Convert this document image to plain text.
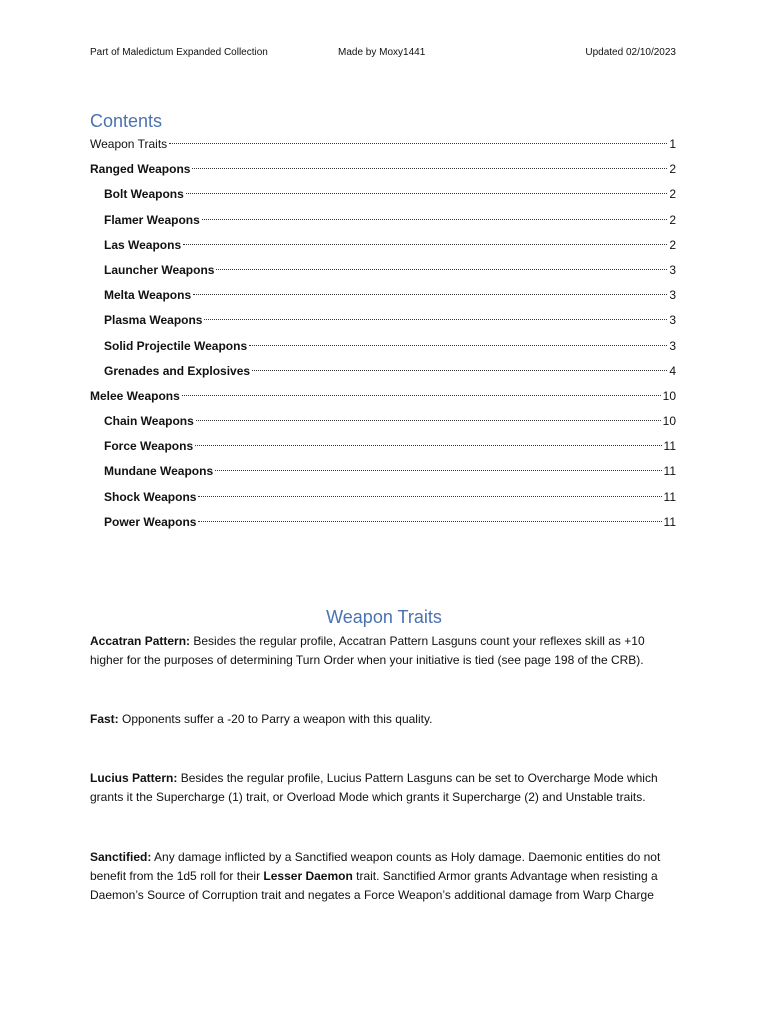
Part of Maledictum Expanded Collection	Made by Moxy1441	Updated 02/10/2023
Contents
Weapon Traits	1
Ranged Weapons	2
Bolt Weapons	2
Flamer Weapons	2
Las Weapons	2
Launcher Weapons	3
Melta Weapons	3
Plasma Weapons	3
Solid Projectile Weapons	3
Grenades and Explosives	4
Melee Weapons	10
Chain Weapons	10
Force Weapons	11
Mundane Weapons	11
Shock Weapons	11
Power Weapons	11
Weapon Traits

Accatran Pattern: Besides the regular profile, Accatran Pattern Lasguns count your reflexes skill as +10 higher for the purposes of determining Turn Order when your initiative is tied (see page 198 of the CRB).

Fast: Opponents suffer a -20 to Parry a weapon with this quality.

Lucius Pattern: Besides the regular profile, Lucius Pattern Lasguns can be set to Overcharge Mode which grants it the Supercharge (1) trait, or Overload Mode which grants it Supercharge (2) and Unstable traits.

Sanctified: Any damage inflicted by a Sanctified weapon counts as Holy damage. Daemonic entities do not benefit from the 1d5 roll for their Lesser Daemon trait. Sanctified Armor grants Advantage when resisting a Daemon’s Source of Corruption trait and negates a Force Weapon’s additional damage from Warp Charge
